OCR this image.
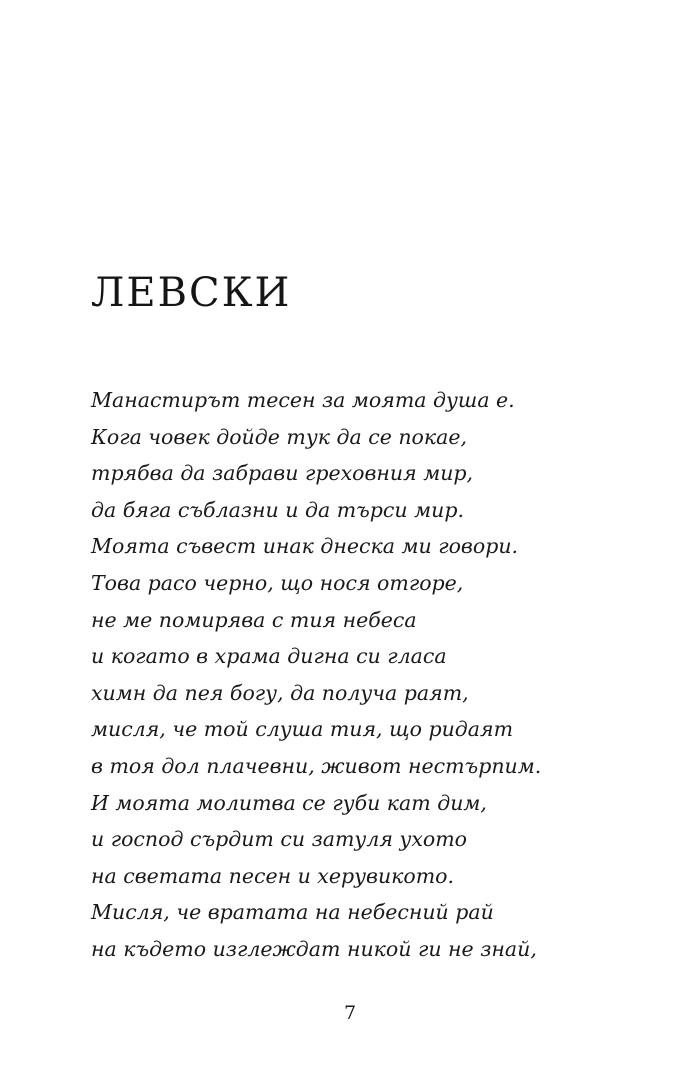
ЛЕВСКИ
Манастирът тесен за моята душа е.
Кога човек дойде тук да се покае,
трябва да забрави греховния мир,
да бяга съблазни и да търси мир.
Моята съвест инак днеска ми говори.
Това расо черно, що нося отгоре,
не ме помирява с тия небеса
и когато в храма дигна си гласа
химн да пея богу, да получа раят,
мисля, че той слуша тия, що ридаят
в тоя дол плачевни, живот нестърпим.
И моята молитва се губи кат дим,
и господ сърдит си затуля ухото
на светата песен и херувикото.
Мисля, че вратата на небесний рай
на където изглеждат никой ги не знай,
7
